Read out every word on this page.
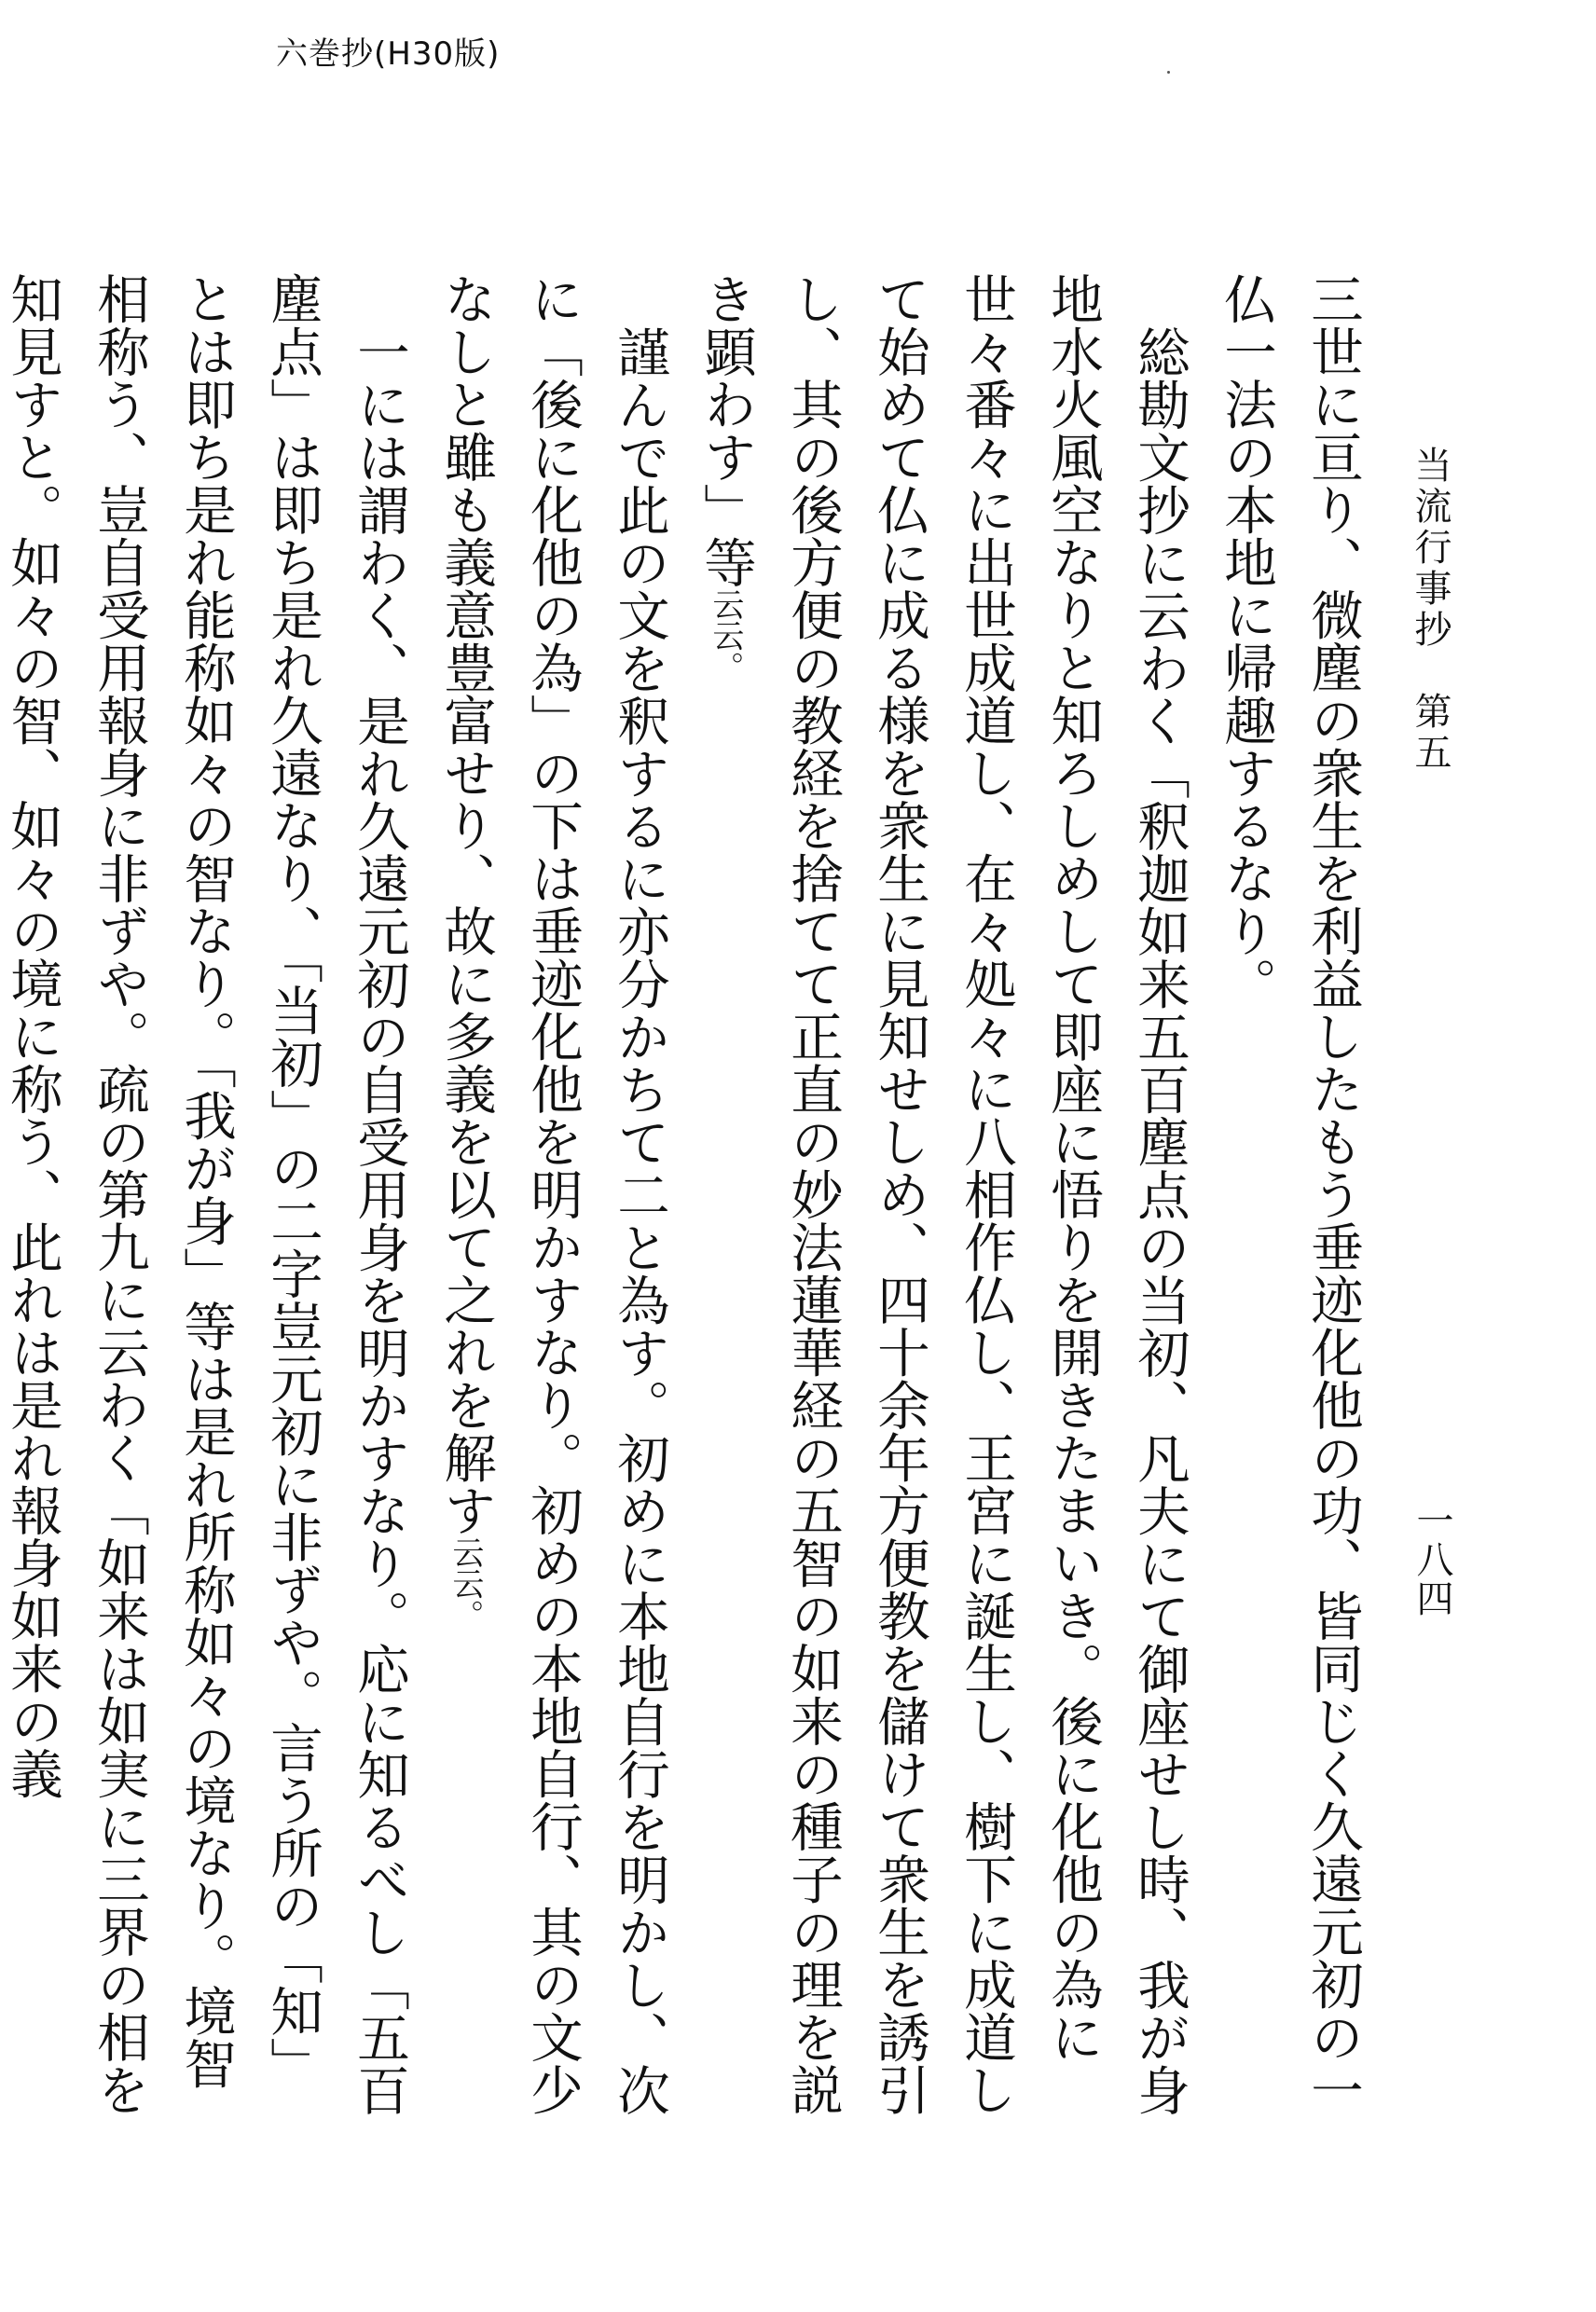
六巻抄(H30版)
当流行事抄　第五
一八四

三世に亘り、微塵の衆生を利益したもう垂迹化他の功、皆同じく久遠元初の一仏一法の本地に帰趣するなり。

総勘文抄に云わく「釈迦如来五百塵点の当初、凡夫にて御座せし時、我が身地水火風空なりと知ろしめして即座に悟りを開きたまいき。後に化他の為に世々番々に出世成道し、在々処々に八相作仏し、王宮に誕生し、樹下に成道して始めて仏に成る様を衆生に見知せしめ、四十余年方便教を儲けて衆生を誘引し、其の後方便の教経を捨てて正直の妙法蓮華経の五智の如来の種子の理を説き顕わす」等云云。

謹んで此の文を釈するに亦分かちて二と為す。初めに本地自行を明かし、次に「後に化他の為」の下は垂迹化他を明かすなり。初めの本地自行、其の文少なしと雖も義意豊富せり、故に多義を以て之れを解す云云。

一には謂わく、是れ久遠元初の自受用身を明かすなり。応に知るべし「五百塵点」は即ち是れ久遠なり、「当初」の二字豈元初に非ずや。言う所の「知」とは即ち是れ能称如々の智なり。「我が身」等は是れ所称如々の境なり。境智相称う、豈自受用報身に非ずや。疏の第九に云わく「如来は如実に三界の相を知見すと。如々の智、如々の境に称う、此れは是れ報身如来の義
